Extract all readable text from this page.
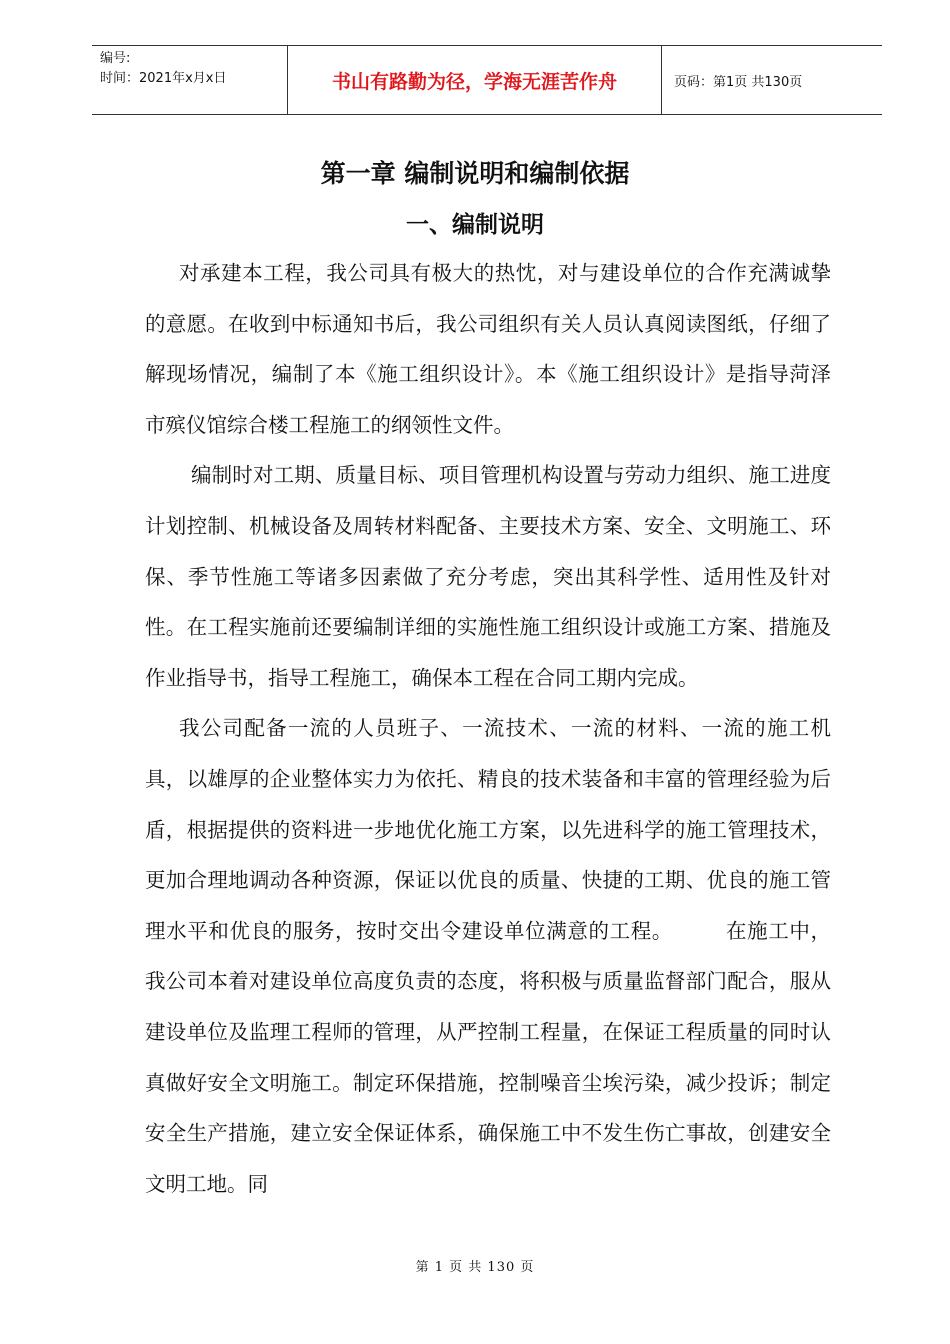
编号:
时间：2021年x月x日	书山有路勤为径，学海无涯苦作舟	页码：第1页 共130页
第一章 编制说明和编制依据
一、编制说明

对承建本工程，我公司具有极大的热忱，对与建设单位的合作充满诚挚的意愿。在收到中标通知书后，我公司组织有关人员认真阅读图纸，仔细了解现场情况，编制了本《施工组织设计》。本《施工组织设计》是指导菏泽市殡仪馆综合楼工程施工的纲领性文件。

编制时对工期、质量目标、项目管理机构设置与劳动力组织、施工进度计划控制、机械设备及周转材料配备、主要技术方案、安全、文明施工、环保、季节性施工等诸多因素做了充分考虑，突出其科学性、适用性及针对性。在工程实施前还要编制详细的实施性施工组织设计或施工方案、措施及作业指导书，指导工程施工，确保本工程在合同工期内完成。

我公司配备一流的人员班子、一流技术、一流的材料、一流的施工机具，以雄厚的企业整体实力为依托、精良的技术装备和丰富的管理经验为后盾，根据提供的资料进一步地优化施工方案，以先进科学的施工管理技术，更加合理地调动各种资源，保证以优良的质量、快捷的工期、优良的施工管理水平和优良的服务，按时交出令建设单位满意的工程。　　　在施工中，我公司本着对建设单位高度负责的态度，将积极与质量监督部门配合，服从建设单位及监理工程师的管理，从严控制工程量，在保证工程质量的同时认真做好安全文明施工。制定环保措施，控制噪音尘埃污染，减少投诉；制定安全生产措施，建立安全保证体系，确保施工中不发生伤亡事故，创建安全文明工地。同

第 1 页 共 130 页
